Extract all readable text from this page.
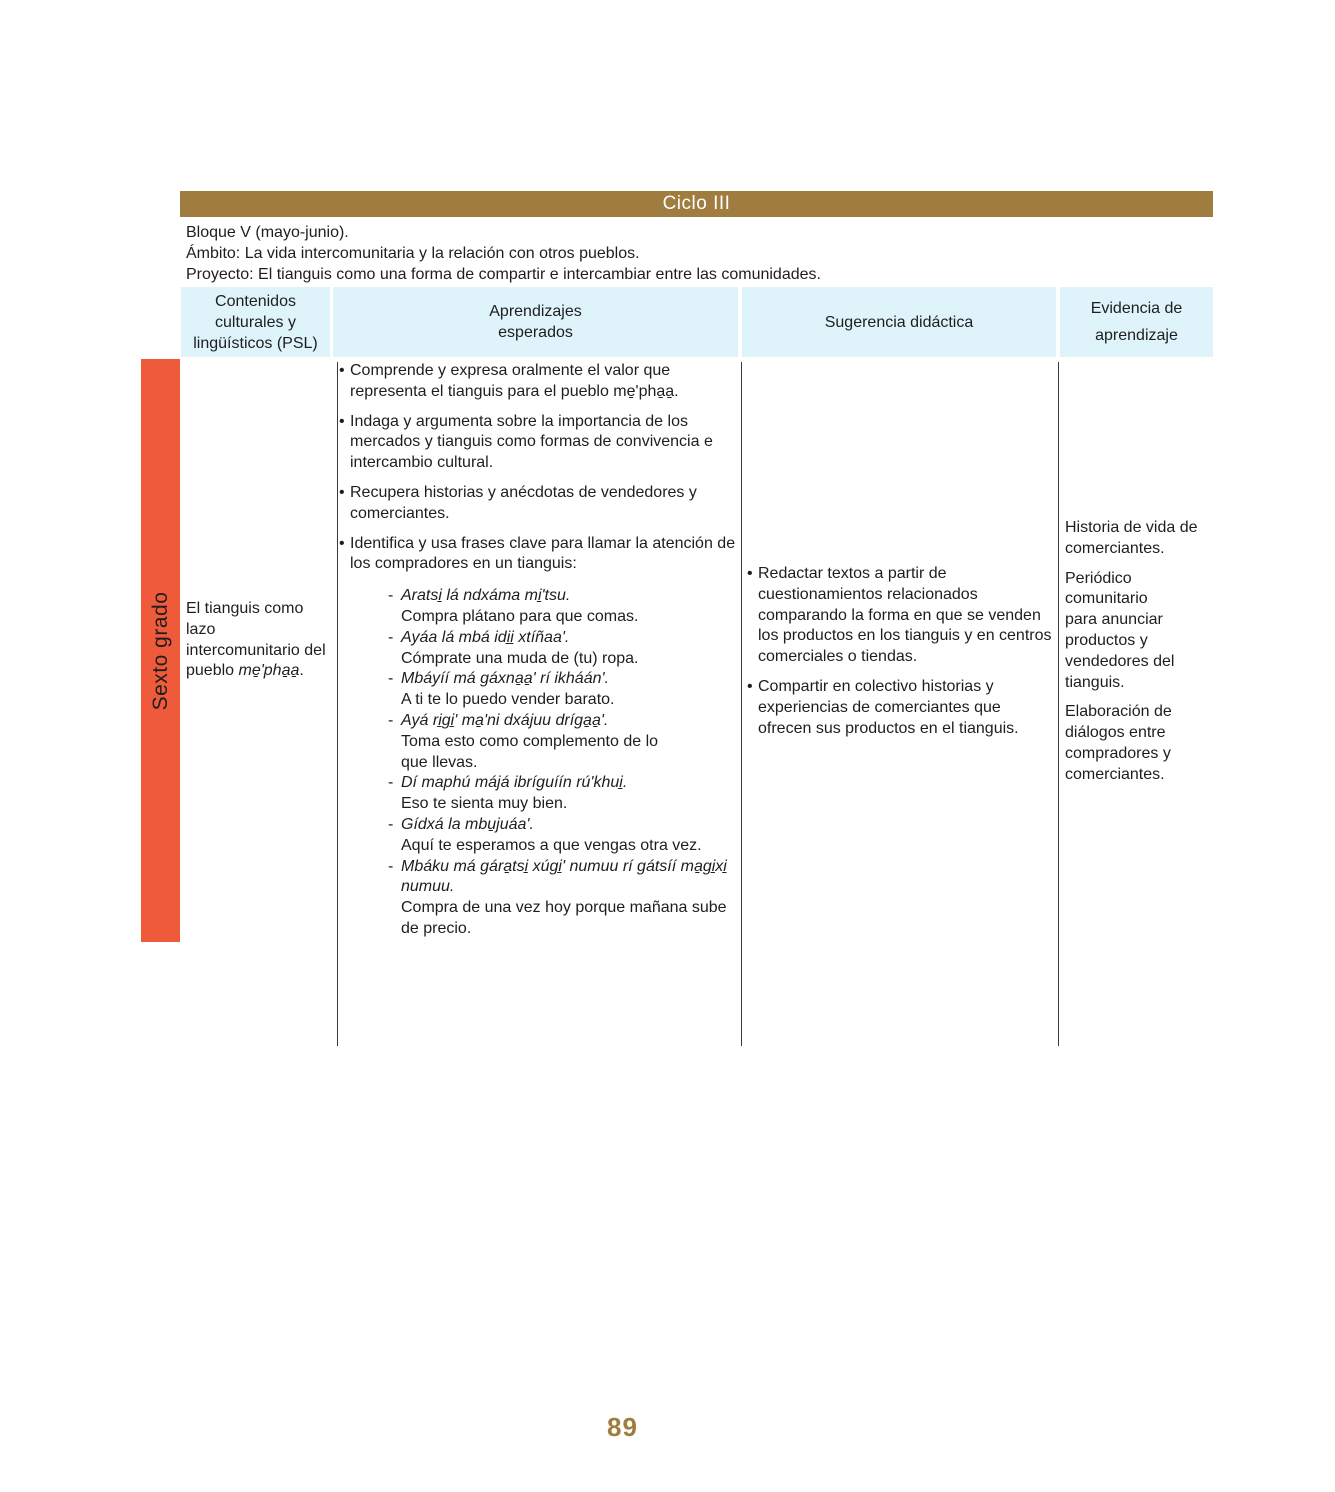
Ciclo III
Bloque V (mayo-junio).
Ámbito: La vida intercomunitaria y la relación con otros pueblos.
Proyecto: El tianguis como una forma de compartir e intercambiar entre las comunidades.
Contenidos culturales y lingüísticos (PSL)
Aprendizajes esperados
Sugerencia didáctica
Evidencia de aprendizaje
Sexto grado El tianguis como lazo intercomunitario del pueblo me̱'pha̱a̱.
• Comprende y expresa oralmente el valor que representa el tianguis para el pueblo me̱'pha̱a̱.
• Indaga y argumenta sobre la importancia de los mercados y tianguis como formas de convivencia e intercambio cultural.
• Recupera historias y anécdotas de vendedores y comerciantes.
• Identifica y usa frases clave para llamar la atención de los compradores en un tianguis:
- Aratsi̱ lá ndxáma mi̱'tsu.
Compra plátano para que comas.
- Ayáa lá mbá idi̱i̱ xtíñaa'.
Cómprate una muda de (tu) ropa.
- Mbáyíí má gáxna̱a̱' rí ikháán'.
A ti te lo puedo vender barato.
- Ayá ri̱gi̱' ma̱'ni dxájuu dríga̱a̱'.
Toma esto como complemento de lo que llevas.
- Dí maphú májá ibríguíín rú'khui̱.
Eso te sienta muy bien.
- Gídxá la mbu̱juáa'.
Aquí te esperamos a que vengas otra vez.
- Mbáku má gára̱tsi̱ xúgi̱' numuu rí gátsíí ma̱gi̱xi̱ numuu.
Compra de una vez hoy porque mañana sube de precio.
• Redactar textos a partir de cuestionamientos relacionados comparando la forma en que se venden los productos en los tianguis y en centros comerciales o tiendas.
• Compartir en colectivo historias y experiencias de comerciantes que ofrecen sus productos en el tianguis.

Historia de vida de comerciantes.

Periódico comunitario para anunciar productos y vendedores del tianguis.

Elaboración de diálogos entre compradores y comerciantes.

89
